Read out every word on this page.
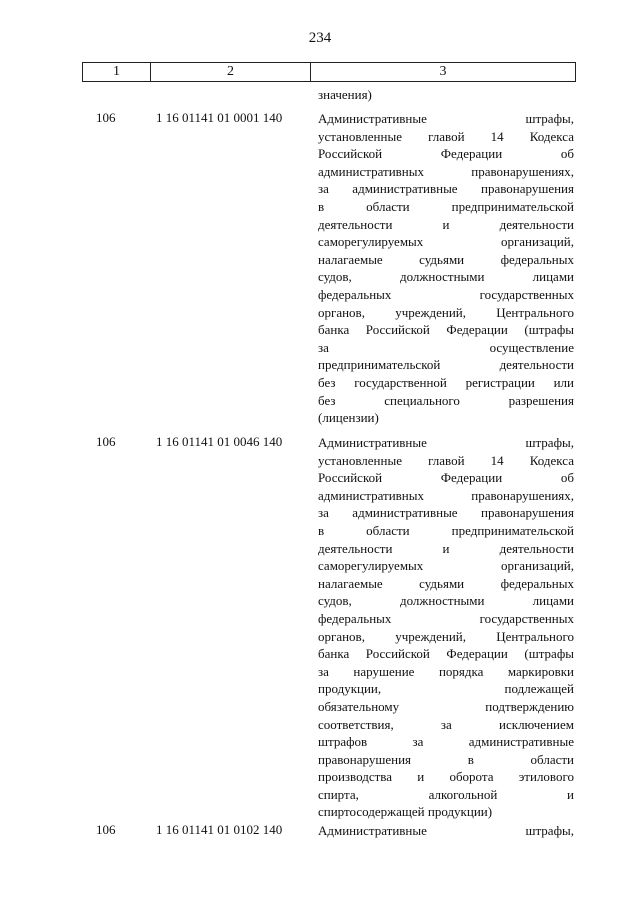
234
1	2	3
значения)
106	1 16 01141 01 0001 140	Административные штрафы,
установленные главой 14 Кодекса
Российской Федерации об
административных правонарушениях,
за административные правонарушения
в области предпринимательской
деятельности и деятельности
саморегулируемых организаций,
налагаемые судьями федеральных
судов, должностными лицами
федеральных государственных
органов, учреждений, Центрального
банка Российской Федерации (штрафы
за осуществление
предпринимательской деятельности
без государственной регистрации или
без специального разрешения
(лицензии)
106	1 16 01141 01 0046 140	Административные штрафы,
установленные главой 14 Кодекса
Российской Федерации об
административных правонарушениях,
за административные правонарушения
в области предпринимательской
деятельности и деятельности
саморегулируемых организаций,
налагаемые судьями федеральных
судов, должностными лицами
федеральных государственных
органов, учреждений, Центрального
банка Российской Федерации (штрафы
за нарушение порядка маркировки
продукции, подлежащей
обязательному подтверждению
соответствия, за исключением
штрафов за административные
правонарушения в области
производства и оборота этилового
спирта, алкогольной и
спиртосодержащей продукции)
106	1 16 01141 01 0102 140	Административные штрафы,
